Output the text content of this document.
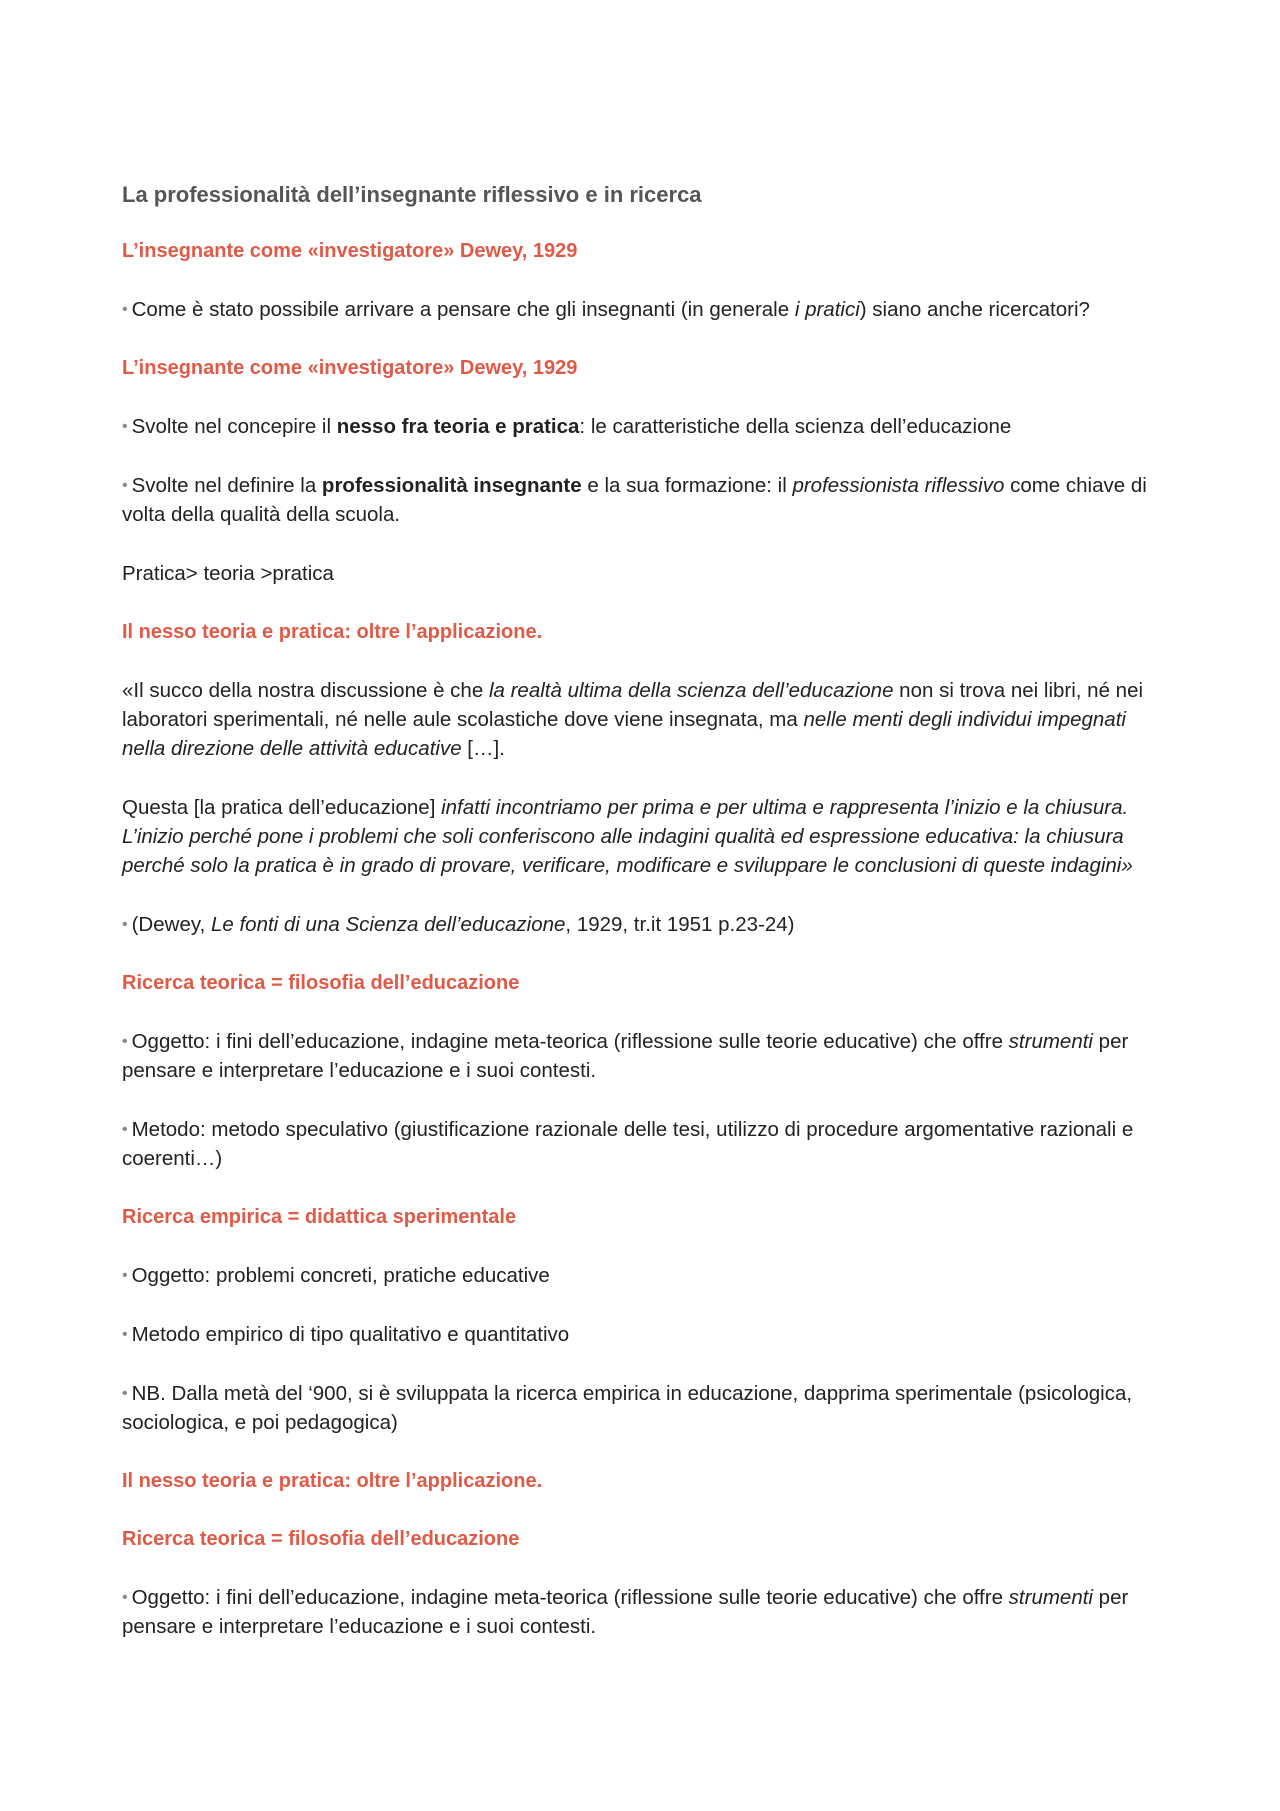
La professionalità dell’insegnante riflessivo e in ricerca
L’insegnante come «investigatore» Dewey, 1929
• Come è stato possibile arrivare a pensare che gli insegnanti (in generale i pratici) siano anche ricercatori?
L’insegnante come «investigatore» Dewey, 1929
• Svolte nel concepire il nesso fra teoria e pratica: le caratteristiche della scienza dell’educazione
• Svolte nel definire la professionalità insegnante e la sua formazione: il professionista riflessivo come chiave di volta della qualità della scuola.
Pratica> teoria >pratica
Il nesso teoria e pratica: oltre l’applicazione.
«Il succo della nostra discussione è che la realtà ultima della scienza dell’educazione non si trova nei libri, né nei laboratori sperimentali, né nelle aule scolastiche dove viene insegnata, ma nelle menti degli individui impegnati nella direzione delle attività educative […].
Questa [la pratica dell’educazione] infatti incontriamo per prima e per ultima e rappresenta l’inizio e la chiusura. L’inizio perché pone i problemi che soli conferiscono alle indagini qualità ed espressione educativa: la chiusura perché solo la pratica è in grado di provare, verificare, modificare e sviluppare le conclusioni di queste indagini»
• (Dewey, Le fonti di una Scienza dell’educazione, 1929, tr.it 1951 p.23-24)
Ricerca teorica = filosofia dell’educazione
• Oggetto: i fini dell’educazione, indagine meta-teorica (riflessione sulle teorie educative) che offre strumenti per pensare e interpretare l’educazione e i suoi contesti.
• Metodo: metodo speculativo (giustificazione razionale delle tesi, utilizzo di procedure argomentative razionali e coerenti…)
Ricerca empirica = didattica sperimentale
• Oggetto: problemi concreti, pratiche educative
• Metodo empirico di tipo qualitativo e quantitativo
• NB. Dalla metà del ‘900, si è sviluppata la ricerca empirica in educazione, dapprima sperimentale (psicologica, sociologica, e poi pedagogica)
Il nesso teoria e pratica: oltre l’applicazione.
Ricerca teorica = filosofia dell’educazione
• Oggetto: i fini dell’educazione, indagine meta-teorica (riflessione sulle teorie educative) che offre strumenti per pensare e interpretare l’educazione e i suoi contesti.
